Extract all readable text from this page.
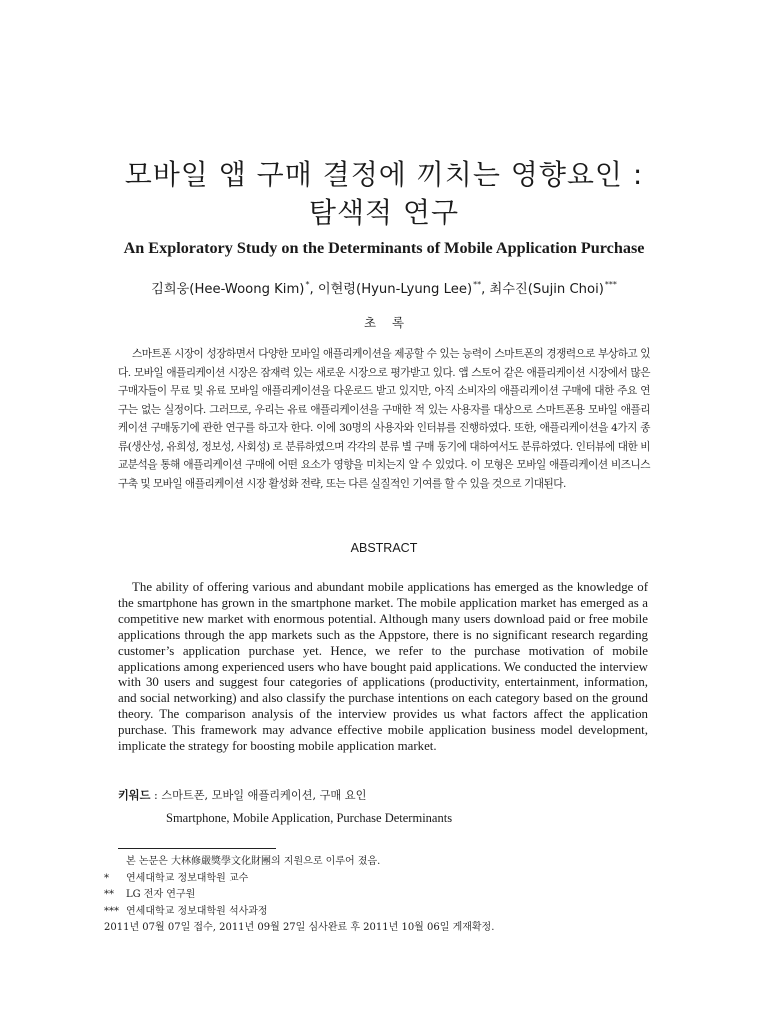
모바일 앱 구매 결정에 끼치는 영향요인 :
탐색적 연구
An Exploratory Study on the Determinants of Mobile Application Purchase
김희웅(Hee-Woong Kim)*, 이현령(Hyun-Lyung Lee)**, 최수진(Sujin Choi)***
초 록
스마트폰 시장이 성장하면서 다양한 모바일 애플리케이션을 제공할 수 있는 능력이 스마트폰의 경쟁력으로 부상하고 있다. 모바일 애플리케이션 시장은 잠재력 있는 새로운 시장으로 평가받고 있다. 앱 스토어 같은 애플리케이션 시장에서 많은 구매자들이 무료 및 유료 모바일 애플리케이션을 다운로드 받고 있지만, 아직 소비자의 애플리케이션 구매에 대한 주요 연구는 없는 실정이다. 그러므로, 우리는 유료 애플리케이션을 구매한 적 있는 사용자를 대상으로 스마트폰용 모바일 애플리케이션 구매동기에 관한 연구를 하고자 한다. 이에 30명의 사용자와 인터뷰를 진행하였다. 또한, 애플리케이션을 4가지 종류(생산성, 유희성, 정보성, 사회성) 로 분류하였으며 각각의 분류 별 구매 동기에 대하여서도 분류하였다. 인터뷰에 대한 비교분석을 통해 애플리케이션 구매에 어떤 요소가 영향을 미치는지 알 수 있었다. 이 모형은 모바일 애플리케이션 비즈니스 구축 및 모바일 애플리케이션 시장 활성화 전략, 또는 다른 실질적인 기여를 할 수 있을 것으로 기대된다.
ABSTRACT
The ability of offering various and abundant mobile applications has emerged as the knowledge of the smartphone has grown in the smartphone market. The mobile application market has emerged as a competitive new market with enormous potential. Although many users download paid or free mobile applications through the app markets such as the Appstore, there is no significant research regarding customer’s application purchase yet. Hence, we refer to the purchase motivation of mobile applications among experienced users who have bought paid applications. We conducted the interview with 30 users and suggest four categories of applications (productivity, entertainment, information, and social networking) and also classify the purchase intentions on each category based on the ground theory. The comparison analysis of the interview provides us what factors affect the application purchase. This framework may advance effective mobile application business model development, implicate the strategy for boosting mobile application market.
키워드 : 스마트폰, 모바일 애플리케이션, 구매 요인
Smartphone, Mobile Application, Purchase Determinants
본 논문은 大林修嚴獎學文化財團의 지원으로 이루어 졌음.
*	연세대학교 정보대학원 교수
**	LG 전자 연구원
*** 연세대학교 정보대학원 석사과정
2011년 07월 07일 접수, 2011년 09월 27일 심사완료 후 2011년 10월 06일 게재확정.
